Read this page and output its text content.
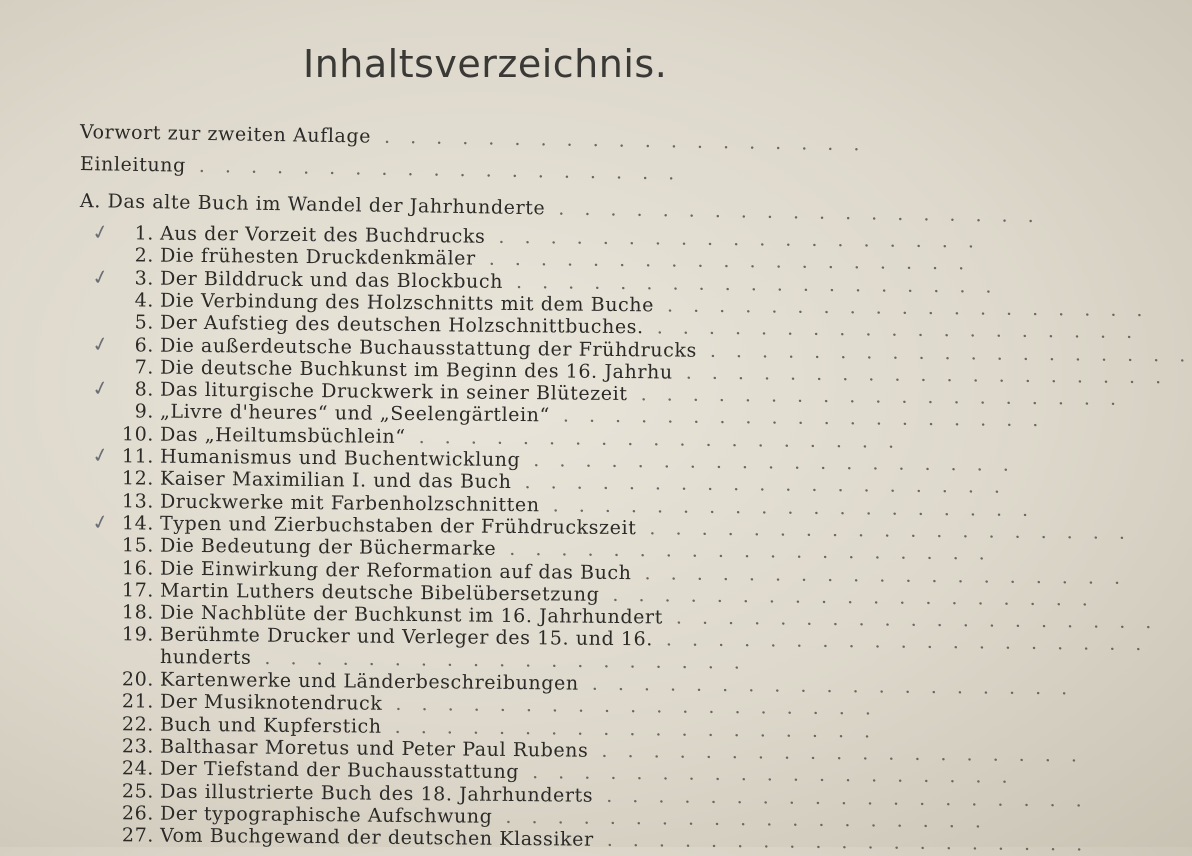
Inhaltsverzeichnis.
Vorwort zur zweiten Auflage . . . . . . . . . . . . . . . . . . .
Einleitung . . . . . . . . . . . . . . . . . . .
A. Das alte Buch im Wandel der Jahrhunderte . . . . . . . . . . . . . . . . . . .
1. Aus der Vorzeit des Buchdrucks . . . . . . . . . . . . . . . . . . .
✓
2. Die frühesten Druckdenkmäler . . . . . . . . . . . . . . . . . . .
3. Der Bilddruck und das Blockbuch . . . . . . . . . . . . . . . . . . .
✓
4. Die Verbindung des Holzschnitts mit dem Buche . . . . . . . . . . . . . . . . . . .
5. Der Aufstieg des deutschen Holzschnittbuches. . . . . . . . . . . . . . . . . . . .
6. Die außerdeutsche Buchausstattung der Frühdrucks . . . . . . . . . . . . . . . . . . .
✓
7. Die deutsche Buchkunst im Beginn des 16. Jahrhu . . . . . . . . . . . . . . . . . . .
8. Das liturgische Druckwerk in seiner Blütezeit . . . . . . . . . . . . . . . . . . .
✓
9. „Livre d'heures“ und „Seelengärtlein“ . . . . . . . . . . . . . . . . . . .
10. Das „Heiltumsbüchlein“ . . . . . . . . . . . . . . . . . . .
11. Humanismus und Buchentwicklung . . . . . . . . . . . . . . . . . . .
✓
12. Kaiser Maximilian I. und das Buch . . . . . . . . . . . . . . . . . . .
13. Druckwerke mit Farbenholzschnitten . . . . . . . . . . . . . . . . . . .
14. Typen und Zierbuchstaben der Frühdruckszeit . . . . . . . . . . . . . . . . . . .
✓
15. Die Bedeutung der Büchermarke . . . . . . . . . . . . . . . . . . .
16. Die Einwirkung der Reformation auf das Buch . . . . . . . . . . . . . . . . . . .
17. Martin Luthers deutsche Bibelübersetzung . . . . . . . . . . . . . . . . . . .
18. Die Nachblüte der Buchkunst im 16. Jahrhundert . . . . . . . . . . . . . . . . . . .
19. Berühmte Drucker und Verleger des 15. und 16. . . . . . . . . . . . . . . . . . . .
hunderts . . . . . . . . . . . . . . . . . . .
20. Kartenwerke und Länderbeschreibungen . . . . . . . . . . . . . . . . . . .
21. Der Musiknotendruck . . . . . . . . . . . . . . . . . . .
22. Buch und Kupferstich . . . . . . . . . . . . . . . . . . .
23. Balthasar Moretus und Peter Paul Rubens . . . . . . . . . . . . . . . . . . .
24. Der Tiefstand der Buchausstattung . . . . . . . . . . . . . . . . . . .
25. Das illustrierte Buch des 18. Jahrhunderts . . . . . . . . . . . . . . . . . . .
26. Der typographische Aufschwung . . . . . . . . . . . . . . . . . . .
27. Vom Buchgewand der deutschen Klassiker . . . . . . . . . . . . . . . . . . .
